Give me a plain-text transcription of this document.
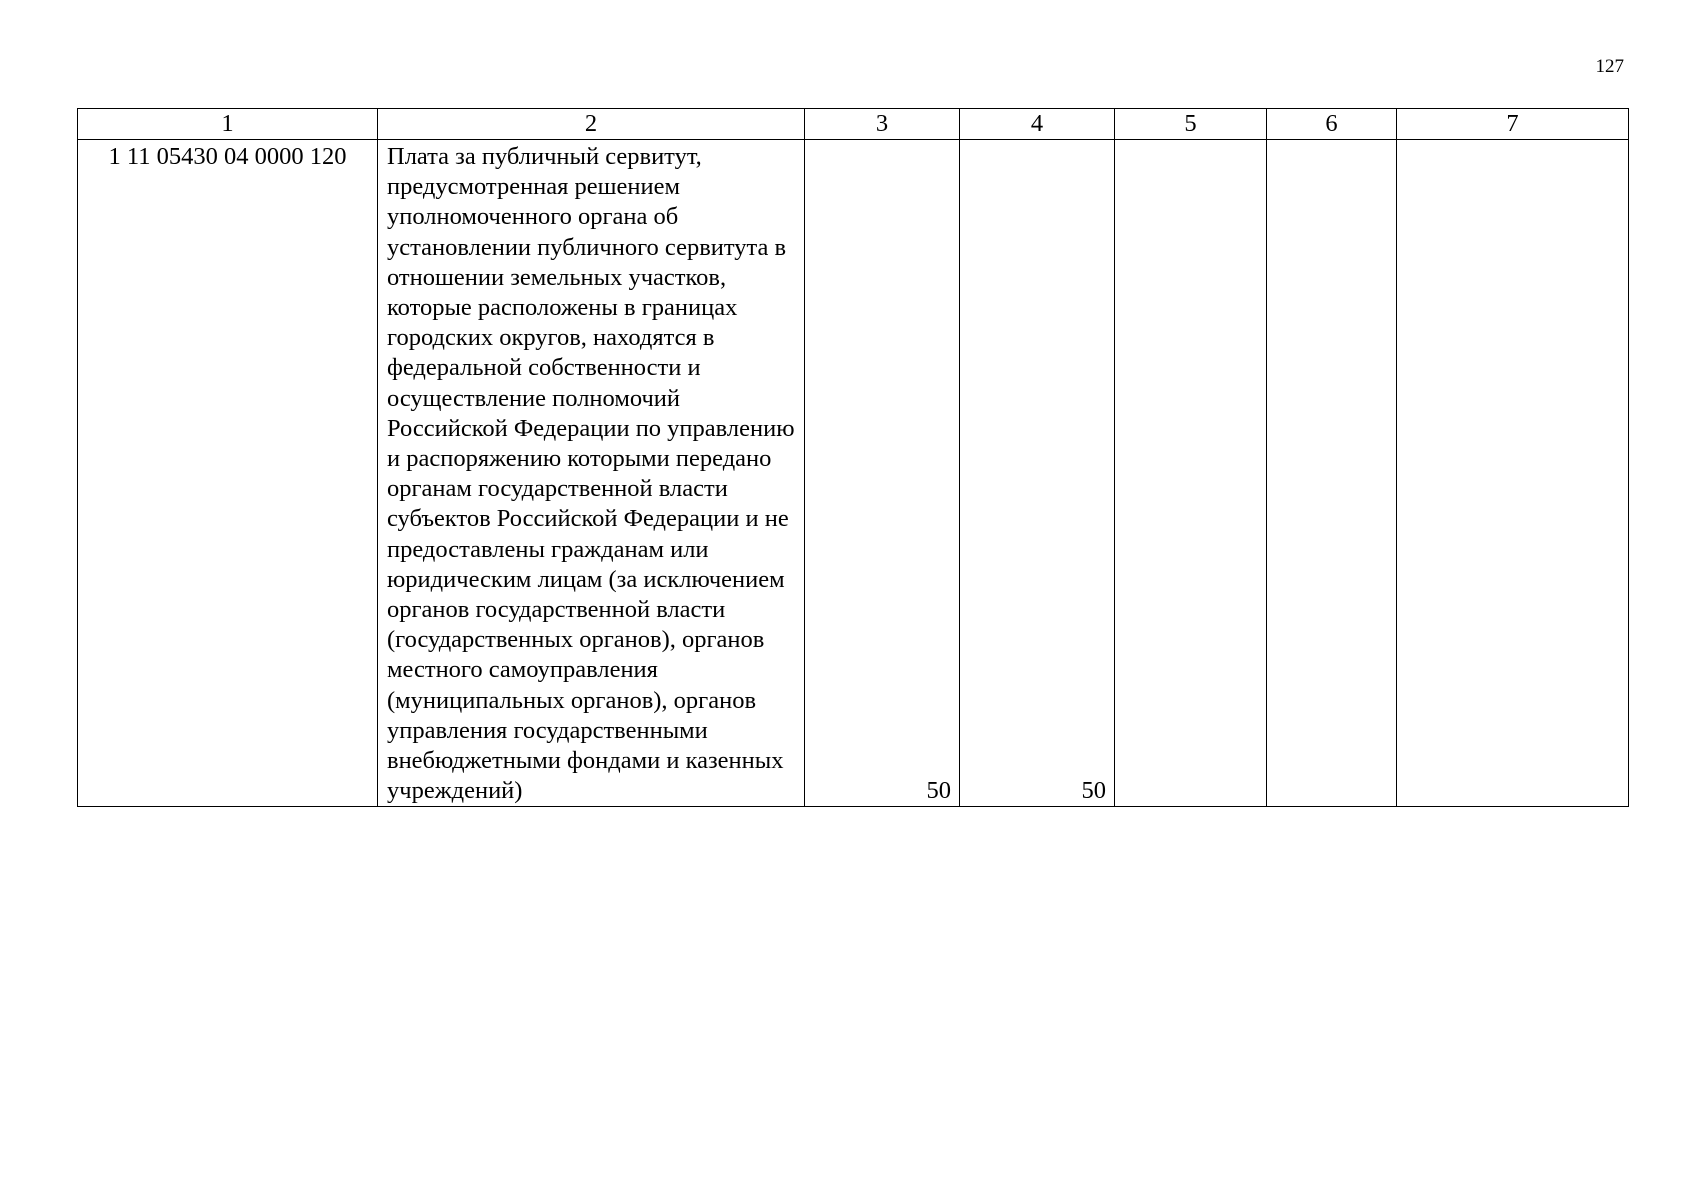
127
1	2	3	4	5	6	7
1 11 05430 04 0000 120	Плата за публичный сервитут, предусмотренная решением уполномоченного органа об установлении публичного сервитута в отношении земельных участков, которые расположены в границах городских округов, находятся в федеральной собственности и осуществление полномочий Российской Федерации по управлению и распоряжению которыми передано органам государственной власти субъектов Российской Федерации и не предоставлены гражданам или юридическим лицам (за исключением органов государственной власти (государственных органов), органов местного самоуправления (муниципальных органов), органов управления государственными внебюджетными фондами и казенных учреждений)	50	50			
